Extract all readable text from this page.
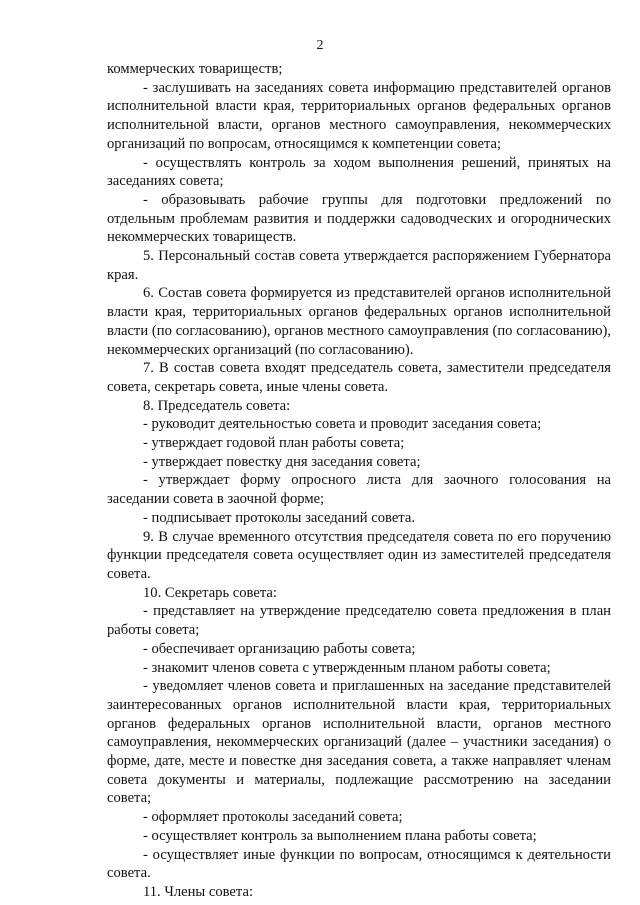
2

коммерческих товариществ;

- заслушивать на заседаниях совета информацию представителей органов исполнительной власти края, территориальных органов федеральных органов исполнительной власти, органов местного самоуправления, некоммерческих организаций по вопросам, относящимся к компетенции совета;

- осуществлять контроль за ходом выполнения решений, принятых на заседаниях совета;

- образовывать рабочие группы для подготовки предложений по отдельным проблемам развития и поддержки садоводческих и огороднических некоммерческих товариществ.

5. Персональный состав совета утверждается распоряжением Губернатора края.

6. Состав совета формируется из представителей органов исполнительной власти края, территориальных органов федеральных органов исполнительной власти (по согласованию), органов местного самоуправления (по согласованию), некоммерческих организаций (по согласованию).

7. В состав совета входят председатель совета, заместители председателя совета, секретарь совета, иные члены совета.

8. Председатель совета:

- руководит деятельностью совета и проводит заседания совета;

- утверждает годовой план работы совета;

- утверждает повестку дня заседания совета;

- утверждает форму опросного листа для заочного голосования на заседании совета в заочной форме;

- подписывает протоколы заседаний совета.

9. В случае временного отсутствия председателя совета по его поручению функции председателя совета осуществляет один из заместителей председателя совета.

10. Секретарь совета:

- представляет на утверждение председателю совета предложения в план работы совета;

- обеспечивает организацию работы совета;

- знакомит членов совета с утвержденным планом работы совета;

- уведомляет членов совета и приглашенных на заседание представителей заинтересованных органов исполнительной власти края, территориальных органов федеральных органов исполнительной власти, органов местного самоуправления, некоммерческих организаций (далее – участники заседания) о форме, дате, месте и повестке дня заседания совета, а также направляет членам совета документы и материалы, подлежащие рассмотрению на заседании совета;

- оформляет протоколы заседаний совета;

- осуществляет контроль за выполнением плана работы совета;

- осуществляет иные функции по вопросам, относящимся к деятельности совета.

11. Члены совета:
